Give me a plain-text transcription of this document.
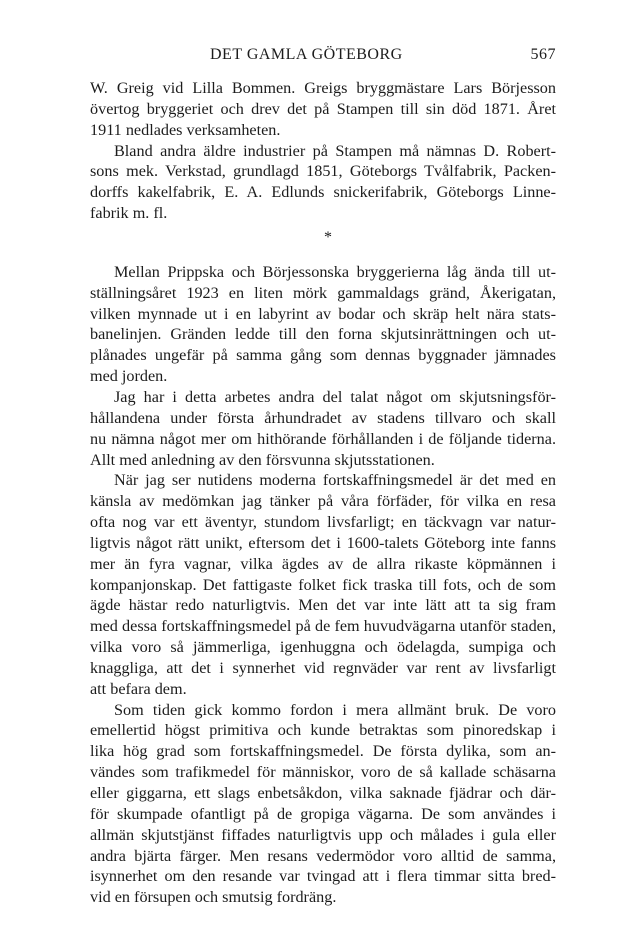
DET GAMLA GÖTEBORG	567
W. Greig vid Lilla Bommen. Greigs bryggmästare Lars Börjesson
övertog bryggeriet och drev det på Stampen till sin död 1871. Året
1911 nedlades verksamheten.
Bland andra äldre industrier på Stampen må nämnas D. Robert-
sons mek. Verkstad, grundlagd 1851, Göteborgs Tvålfabrik, Packen-
dorffs kakelfabrik, E. A. Edlunds snickerifabrik, Göteborgs Linne-
fabrik m. fl.
*
Mellan Prippska och Börjessonska bryggerierna låg ända till ut-
ställningsåret 1923 en liten mörk gammaldags gränd, Åkerigatan,
vilken mynnade ut i en labyrint av bodar och skräp helt nära stats-
banelinjen. Gränden ledde till den forna skjutsinrättningen och ut-
plånades ungefär på samma gång som dennas byggnader jämnades
med jorden.
Jag har i detta arbetes andra del talat något om skjutsningsför-
hållandena under första århundradet av stadens tillvaro och skall
nu nämna något mer om hithörande förhållanden i de följande tiderna.
Allt med anledning av den försvunna skjutsstationen.
När jag ser nutidens moderna fortskaffningsmedel är det med en
känsla av medömkan jag tänker på våra förfäder, för vilka en resa
ofta nog var ett äventyr, stundom livsfarligt; en täckvagn var natur-
ligtvis något rätt unikt, eftersom det i 1600-talets Göteborg inte fanns
mer än fyra vagnar, vilka ägdes av de allra rikaste köpmännen i
kompanjonskap. Det fattigaste folket fick traska till fots, och de som
ägde hästar redo naturligtvis. Men det var inte lätt att ta sig fram
med dessa fortskaffningsmedel på de fem huvudvägarna utanför staden,
vilka voro så jämmerliga, igenhuggna och ödelagda, sumpiga och
knaggliga, att det i synnerhet vid regnväder var rent av livsfarligt
att befara dem.
Som tiden gick kommo fordon i mera allmänt bruk. De voro
emellertid högst primitiva och kunde betraktas som pinoredskap i
lika hög grad som fortskaffningsmedel. De första dylika, som an-
vändes som trafikmedel för människor, voro de så kallade schäsarna
eller giggarna, ett slags enbetsåkdon, vilka saknade fjädrar och där-
för skumpade ofantligt på de gropiga vägarna. De som användes i
allmän skjutstjänst fiffades naturligtvis upp och målades i gula eller
andra bjärta färger. Men resans vedermödor voro alltid de samma,
isynnerhet om den resande var tvingad att i flera timmar sitta bred-
vid en försupen och smutsig fordräng.
